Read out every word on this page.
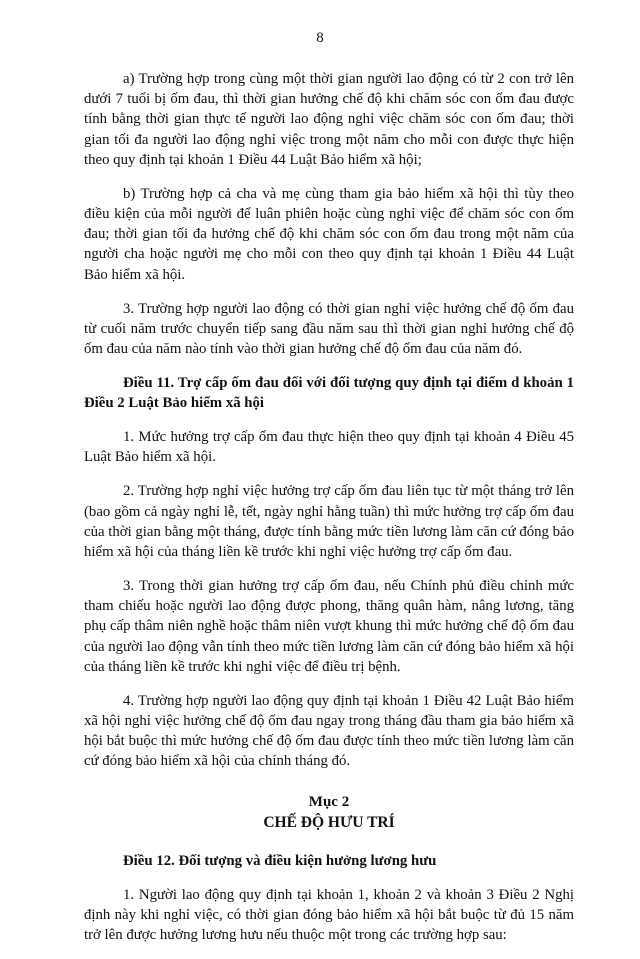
8

a) Trường hợp trong cùng một thời gian người lao động có từ 2 con trở lên dưới 7 tuổi bị ốm đau, thì thời gian hưởng chế độ khi chăm sóc con ốm đau được tính bằng thời gian thực tế người lao động nghỉ việc chăm sóc con ốm đau; thời gian tối đa người lao động nghỉ việc trong một năm cho mỗi con được thực hiện theo quy định tại khoản 1 Điều 44 Luật Bảo hiểm xã hội;

b) Trường hợp cả cha và mẹ cùng tham gia bảo hiểm xã hội thì tùy theo điều kiện của mỗi người để luân phiên hoặc cùng nghỉ việc để chăm sóc con ốm đau; thời gian tối đa hưởng chế độ khi chăm sóc con ốm đau trong một năm của người cha hoặc người mẹ cho mỗi con theo quy định tại khoản 1 Điều 44 Luật Bảo hiểm xã hội.

3. Trường hợp người lao động có thời gian nghỉ việc hưởng chế độ ốm đau từ cuối năm trước chuyển tiếp sang đầu năm sau thì thời gian nghỉ hưởng chế độ ốm đau của năm nào tính vào thời gian hưởng chế độ ốm đau của năm đó.

Điều 11. Trợ cấp ốm đau đối với đối tượng quy định tại điểm d khoản 1 Điều 2 Luật Bảo hiểm xã hội

1. Mức hưởng trợ cấp ốm đau thực hiện theo quy định tại khoản 4 Điều 45 Luật Bảo hiểm xã hội.

2. Trường hợp nghỉ việc hưởng trợ cấp ốm đau liên tục từ một tháng trở lên (bao gồm cả ngày nghỉ lễ, tết, ngày nghỉ hằng tuần) thì mức hưởng trợ cấp ốm đau của thời gian bằng một tháng, được tính bằng mức tiền lương làm căn cứ đóng bảo hiểm xã hội của tháng liền kề trước khi nghỉ việc hưởng trợ cấp ốm đau.

3. Trong thời gian hưởng trợ cấp ốm đau, nếu Chính phủ điều chỉnh mức tham chiếu hoặc người lao động được phong, thăng quân hàm, nâng lương, tăng phụ cấp thâm niên nghề hoặc thâm niên vượt khung thì mức hưởng chế độ ốm đau của người lao động vẫn tính theo mức tiền lương làm căn cứ đóng bảo hiểm xã hội của tháng liền kề trước khi nghỉ việc để điều trị bệnh.

4. Trường hợp người lao động quy định tại khoản 1 Điều 42 Luật Bảo hiểm xã hội nghỉ việc hưởng chế độ ốm đau ngay trong tháng đầu tham gia bảo hiểm xã hội bắt buộc thì mức hưởng chế độ ốm đau được tính theo mức tiền lương làm căn cứ đóng bảo hiểm xã hội của chính tháng đó.

Mục 2

CHẾ ĐỘ HƯU TRÍ

Điều 12. Đối tượng và điều kiện hưởng lương hưu

1. Người lao động quy định tại khoản 1, khoản 2 và khoản 3 Điều 2 Nghị định này khi nghỉ việc, có thời gian đóng bảo hiểm xã hội bắt buộc từ đủ 15 năm trở lên được hưởng lương hưu nếu thuộc một trong các trường hợp sau:
